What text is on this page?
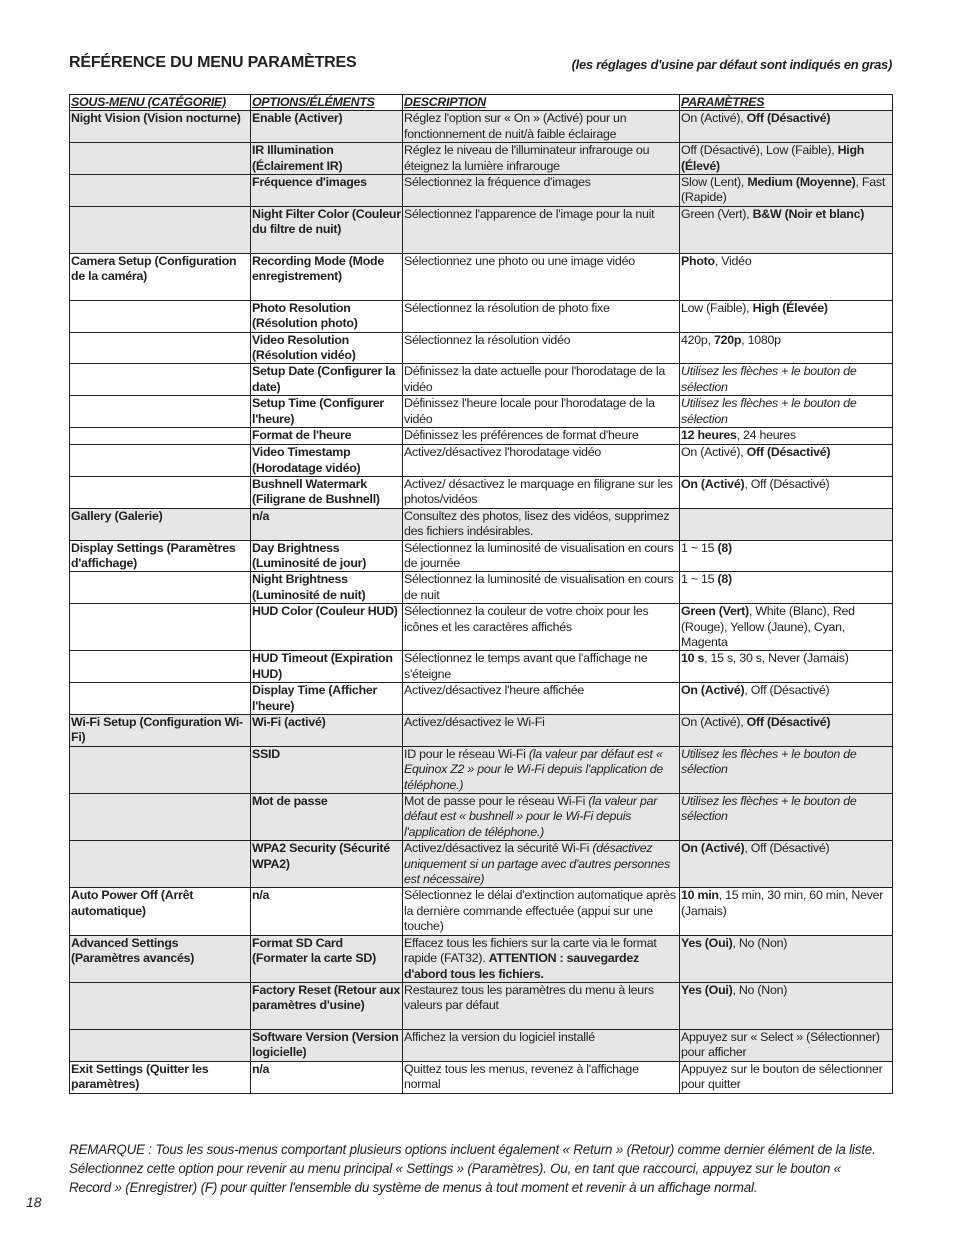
RÉFÉRENCE DU MENU PARAMÈTRES	(les réglages d'usine par défaut sont indiqués en gras)
SOUS-MENU (CATÉGORIE)	OPTIONS/ÉLÉMENTS	DESCRIPTION	PARAMÈTRES
Night Vision (Vision nocturne)	Enable (Activer)	Réglez l'option sur « On » (Activé) pour un fonctionnement de nuit/à faible éclairage	On (Activé), Off (Désactivé)
	IR Illumination (Éclairement IR)	Réglez le niveau de l'illuminateur infrarouge ou éteignez la lumière infrarouge	Off (Désactivé), Low (Faible), High (Élevé)
	Fréquence d'images	Sélectionnez la fréquence d'images	Slow (Lent), Medium (Moyenne), Fast (Rapide)
	Night Filter Color (Couleur du filtre de nuit)	Sélectionnez l'apparence de l'image pour la nuit	Green (Vert), B&W (Noir et blanc)
Camera Setup (Configuration de la caméra)	Recording Mode (Mode enregistrement)	Sélectionnez une photo ou une image vidéo	Photo, Vidéo
	Photo Resolution (Résolution photo)	Sélectionnez la résolution de photo fixe	Low (Faible), High (Élevée)
	Video Resolution (Résolution vidéo)	Sélectionnez la résolution vidéo	420p, 720p, 1080p
	Setup Date (Configurer la date)	Définissez la date actuelle pour l'horodatage de la vidéo	Utilisez les flèches + le bouton de sélection
	Setup Time (Configurer l'heure)	Définissez l'heure locale pour l'horodatage de la vidéo	Utilisez les flèches + le bouton de sélection
	Format de l'heure	Définissez les préférences de format d'heure	12 heures, 24 heures
	Video Timestamp (Horodatage vidéo)	Activez/désactivez l'horodatage vidéo	On (Activé), Off (Désactivé)
	Bushnell Watermark (Filigrane de Bushnell)	Activez/ désactivez le marquage en filigrane sur les photos/vidéos	On (Activé), Off (Désactivé)
Gallery (Galerie)	n/a	Consultez des photos, lisez des vidéos, supprimez des fichiers indésirables.	
Display Settings (Paramètres d'affichage)	Day Brightness (Luminosité de jour)	Sélectionnez la luminosité de visualisation en cours de journée	1 ~ 15 (8)
	Night Brightness (Luminosité de nuit)	Sélectionnez la luminosité de visualisation en cours de nuit	1 ~ 15 (8)
	HUD Color (Couleur HUD)	Sélectionnez la couleur de votre choix pour les icônes et les caractères affichés	Green (Vert), White (Blanc), Red (Rouge), Yellow (Jaune), Cyan, Magenta
	HUD Timeout (Expiration HUD)	Sélectionnez le temps avant que l'affichage ne s'éteigne	10 s, 15 s, 30 s, Never (Jamais)
	Display Time (Afficher l'heure)	Activez/désactivez l'heure affichée	On (Activé), Off (Désactivé)
Wi-Fi Setup (Configuration Wi-Fi)	Wi-Fi (activé)	Activez/désactivez le Wi-Fi	On (Activé), Off (Désactivé)
	SSID	ID pour le réseau Wi-Fi (la valeur par défaut est « Equinox Z2 » pour le Wi-Fi depuis l'application de téléphone.)	Utilisez les flèches + le bouton de sélection
	Mot de passe	Mot de passe pour le réseau Wi-Fi (la valeur par défaut est « bushnell » pour le Wi-Fi depuis l'application de téléphone.)	Utilisez les flèches + le bouton de sélection
	WPA2 Security (Sécurité WPA2)	Activez/désactivez la sécurité Wi-Fi (désactivez uniquement si un partage avec d'autres personnes est nécessaire)	On (Activé), Off (Désactivé)
Auto Power Off (Arrêt automatique)	n/a	Sélectionnez le délai d'extinction automatique après la dernière commande effectuée (appui sur une touche)	10 min, 15 min, 30 min, 60 min, Never (Jamais)
Advanced Settings (Paramètres avancés)	Format SD Card (Formater la carte SD)	Effacez tous les fichiers sur la carte via le format rapide (FAT32). ATTENTION : sauvegardez d'abord tous les fichiers.	Yes (Oui), No (Non)
	Factory Reset (Retour aux paramètres d'usine)	Restaurez tous les paramètres du menu à leurs valeurs par défaut	Yes (Oui), No (Non)
	Software Version (Version logicielle)	Affichez la version du logiciel installé	Appuyez sur « Select » (Sélectionner) pour afficher
Exit Settings (Quitter les paramètres)	n/a	Quittez tous les menus, revenez à l'affichage normal	Appuyez sur le bouton de sélectionner pour quitter
REMARQUE : Tous les sous-menus comportant plusieurs options incluent également « Return » (Retour) comme dernier élément de la liste. Sélectionnez cette option pour revenir au menu principal « Settings » (Paramètres). Ou, en tant que raccourci, appuyez sur le bouton « Record » (Enregistrer) (F) pour quitter l'ensemble du système de menus à tout moment et revenir à un affichage normal.
18
